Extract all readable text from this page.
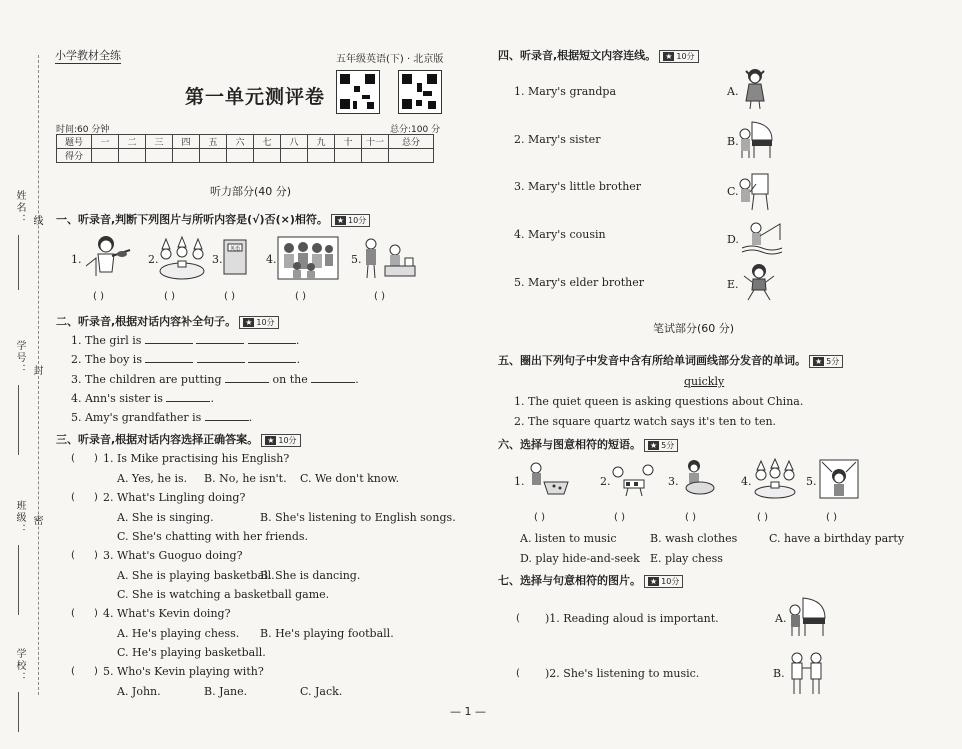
姓名： 线
学号： 封
班级： 密
学校：
小学教材全练	五年级英语(下) · 北京版
第一单元测评卷
时间:60 分钟	总分:100 分
题号	一	二	三	四	五	六	七	八	九	十	十一	总分
得分												
听力部分(40 分)
一、听录音,判断下列图片与所听内容是(√)否(×)相符。 ★ 10分
1.	2.	3.
英语
4.	5.
( )	( )	( )	( )	( )
二、听录音,根据对话内容补全句子。 ★ 10分
1. The girl is	.
2. The boy is	.
3. The children are putting	on the	.
4. Ann's sister is	.
5. Amy's grandfather is	.
三、听录音,根据对话内容选择正确答案。 ★ 10分
(      ) 1. Is Mike practising his English?
A. Yes, he is. B. No, he isn't. C. We don't know.
(      ) 2. What's Lingling doing?
A. She is singing.	B. She's listening to English songs.
C. She's chatting with her friends.
(      ) 3. What's Guoguo doing?
A. She is playing basketball.
B. She is dancing.
C. She is watching a basketball game.
(      ) 4. What's Kevin doing?
A. He's playing chess. B. He's playing football.
C. He's playing basketball.
(      ) 5. Who's Kevin playing with?
A. John.	B. Jane.	C. Jack.
四、听录音,根据短文内容连线。 ★ 10分
1. Mary's grandpa
2. Mary's sister
3. Mary's little brother
4. Mary's cousin
5. Mary's elder brother
A.
B.
C.
D.
E.
笔试部分(60 分)
五、圈出下列句子中发音中含有所给单词画线部分发音的单词。 ★ 5分
quickly
1. The quiet queen is asking questions about China.
2. The square quartz watch says it's ten to ten.
六、选择与图意相符的短语。 ★ 5分
1.	2.	3.	4.	5.
( )	( )	( )	( )	( )
A. listen to music	B. wash clothes	C. have a birthday party
D. play hide-and-seek E. play chess
七、选择与句意相符的图片。 ★ 10分
( )1. Reading aloud is important.	A.
( )2. She's listening to music.	B.
— 1 —
